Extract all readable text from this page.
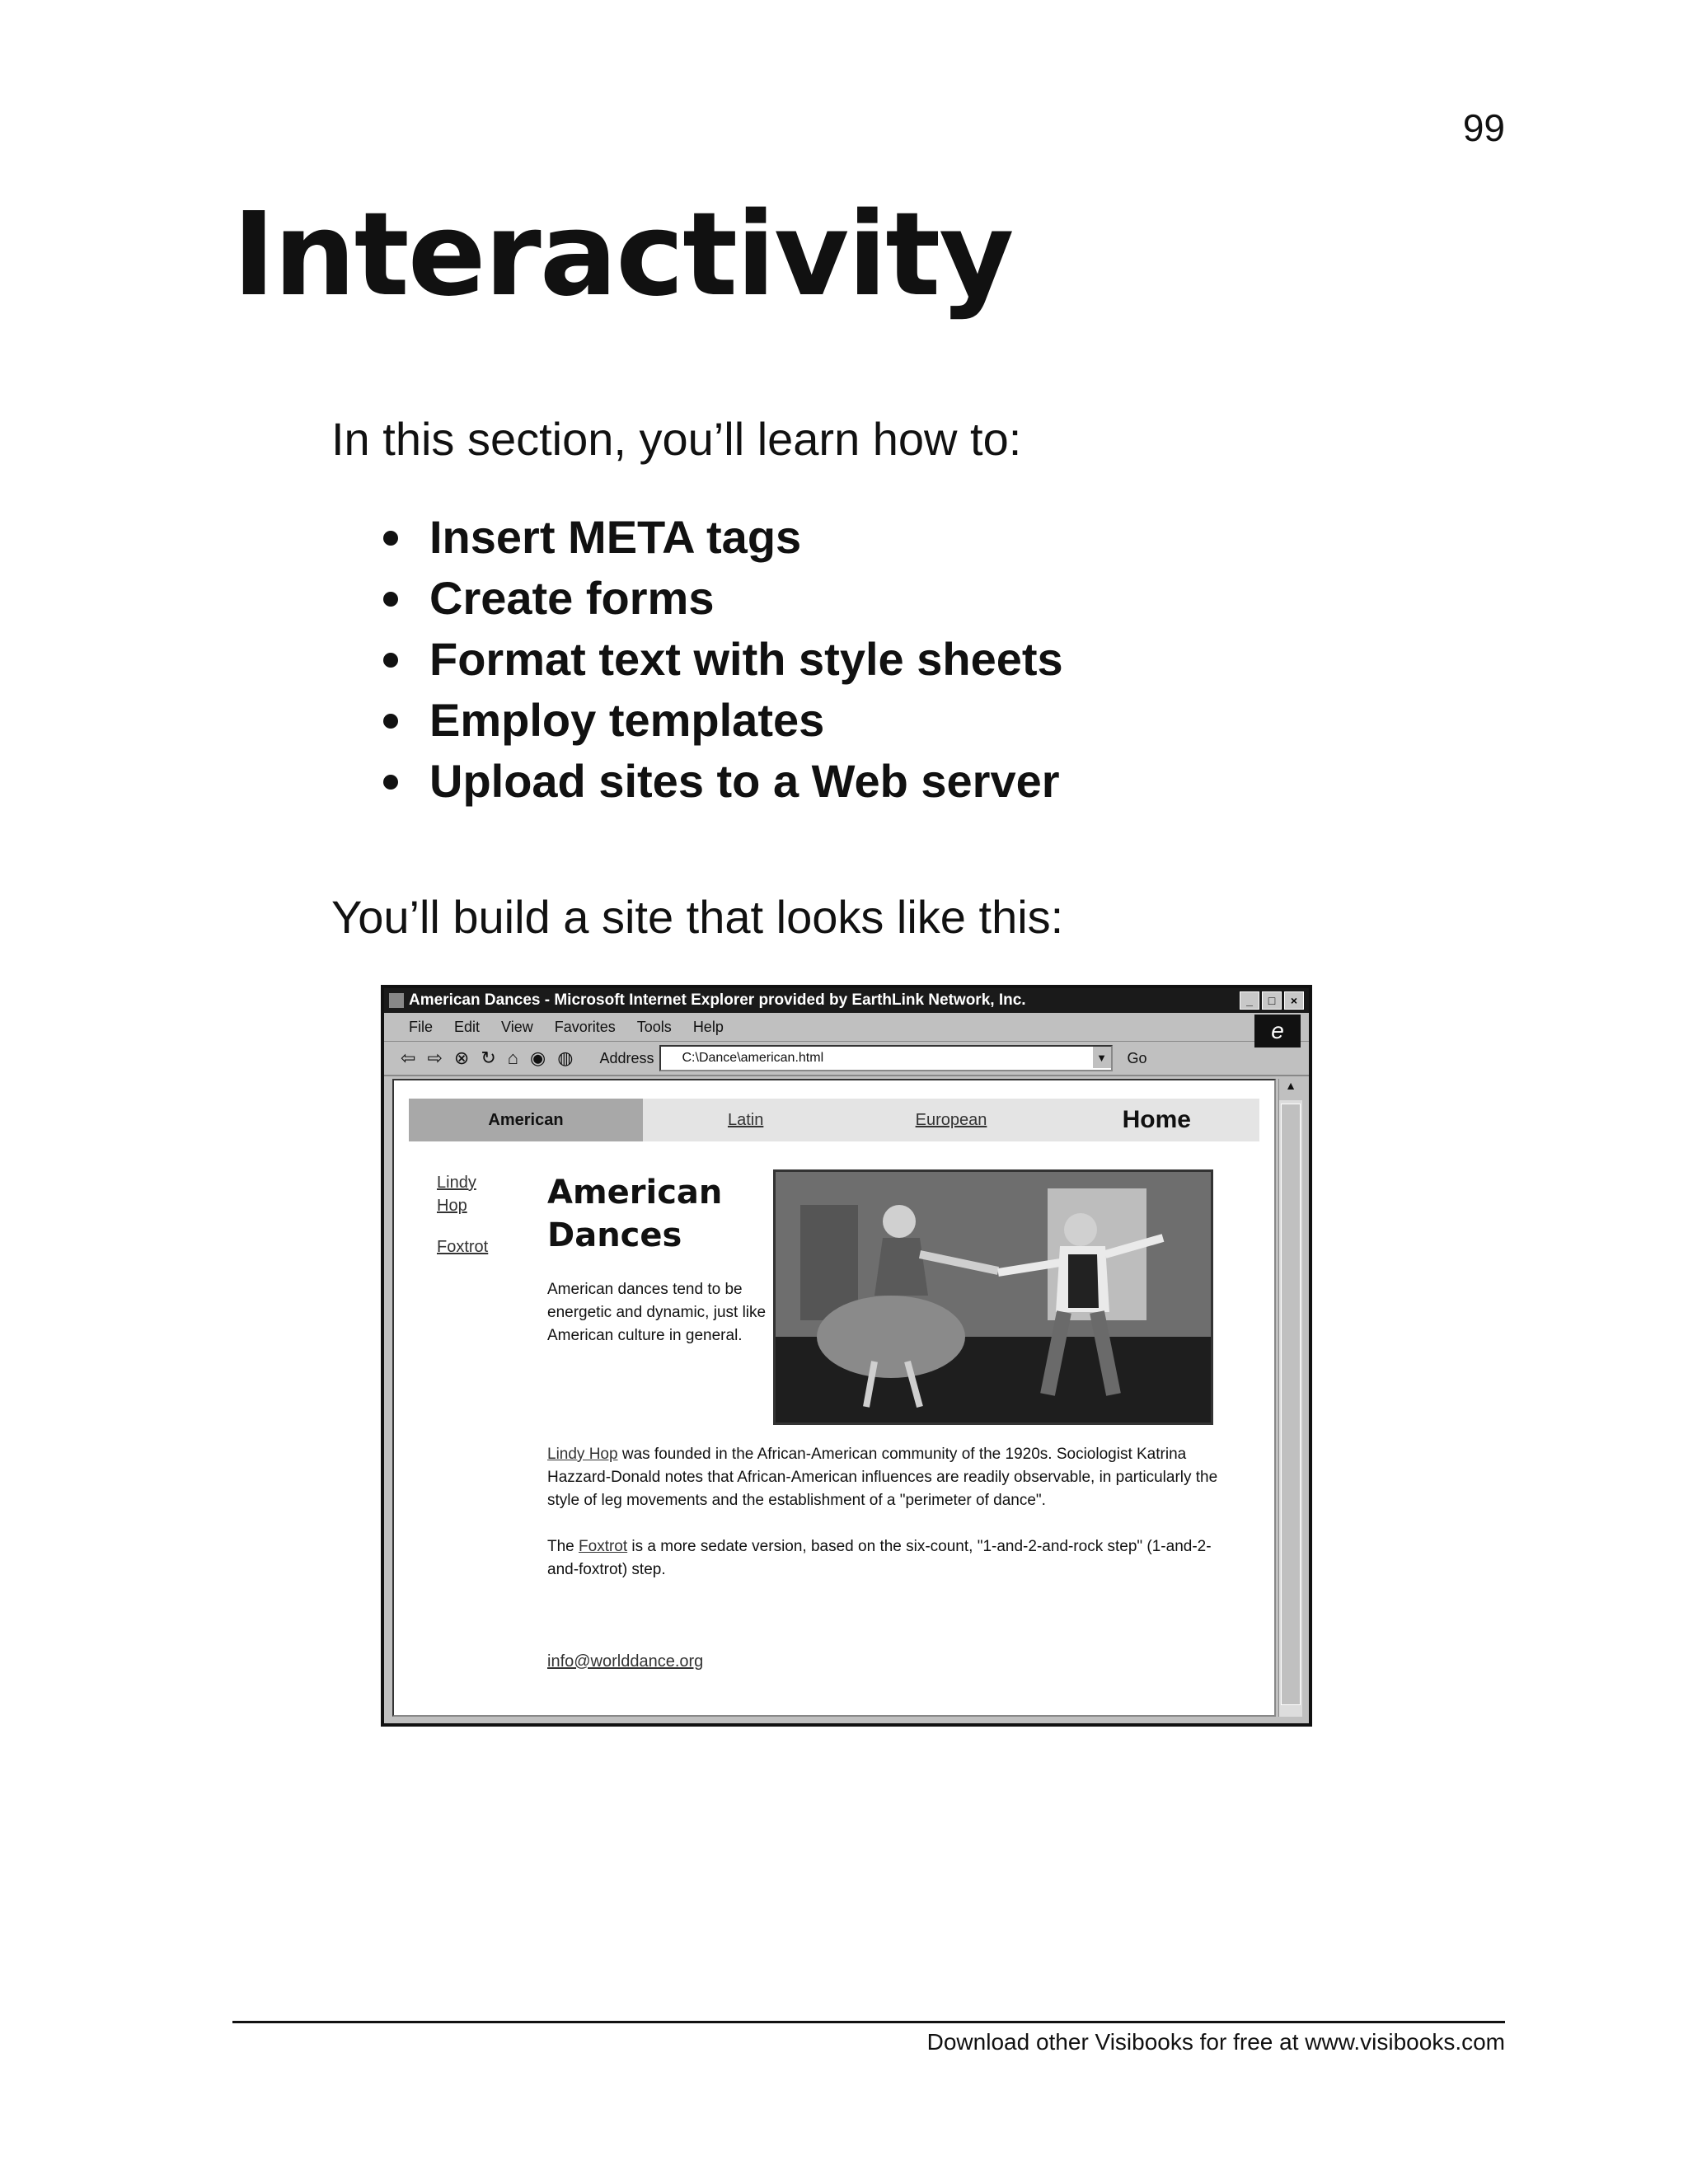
99
Interactivity

In this section, you’ll learn how to:

Insert META tags
Create forms
Format text with style sheets
Employ templates
Upload sites to a Web server

You’ll build a site that looks like this:

American Dances - Microsoft Internet Explorer provided by EarthLink Network, Inc.	_	□	×
File Edit View Favorites Tools Help	e
⇦ ⇨ ⊗ ↻ ⌂ ◉ ◍ Address	C:\Dance\american.html	▼ Go
American	Latin	European	Home
Lindy Hop
Foxtrot
American Dances

American dances tend to be energetic and dynamic, just like American culture in general.

Lindy Hop was founded in the African-American community of the 1920s. Sociologist Katrina Hazzard-Donald notes that African-American influences are readily observable, in particularly the style of leg movements and the establishment of a "perimeter of dance".

The Foxtrot is a more sedate version, based on the six-count, "1-and-2-and-rock step" (1-and-2-and-foxtrot) step.

info@worlddance.org
▲
Download other Visibooks for free at www.visibooks.com
